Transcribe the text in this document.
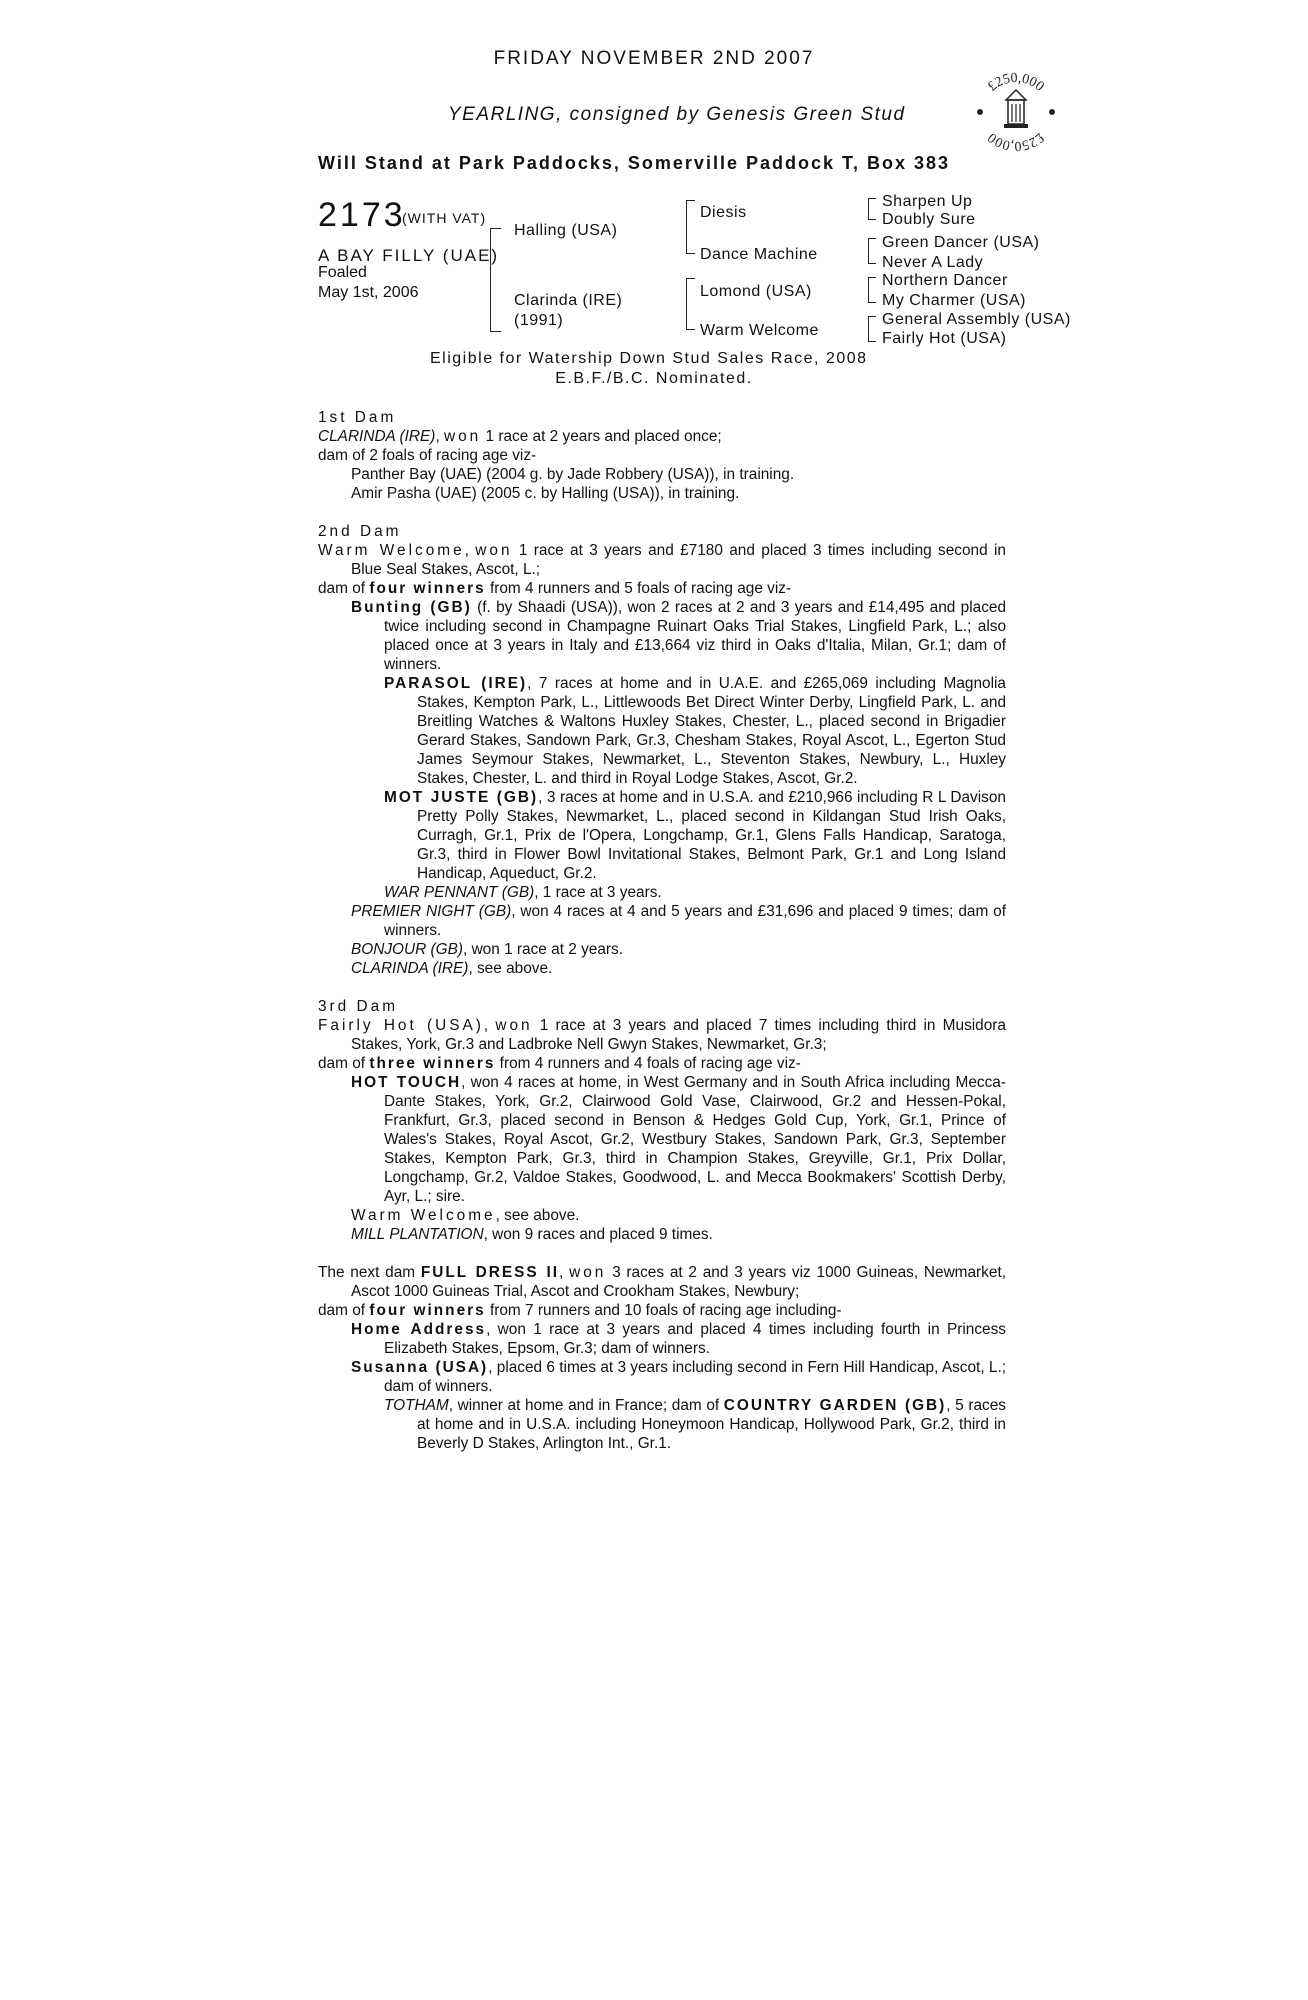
FRIDAY NOVEMBER 2ND 2007
YEARLING, consigned by Genesis Green Stud
Will Stand at Park Paddocks, Somerville Paddock T, Box 383
£250,000
£250,000
2173
(WITH VAT)
A BAY FILLY (UAE)
Foaled
May 1st, 2006
Halling (USA)
Clarinda (IRE)
(1991)
Diesis
Dance Machine
Lomond (USA)
Warm Welcome
Sharpen Up
Doubly Sure
Green Dancer (USA)
Never A Lady
Northern Dancer
My Charmer (USA)
General Assembly (USA)
Fairly Hot (USA)
Eligible for Watership Down Stud Sales Race, 2008
E.B.F./B.C. Nominated.

1st Dam

CLARINDA (IRE), won 1 race at 2 years and placed once;

dam of 2 foals of racing age viz-

Panther Bay (UAE) (2004 g. by Jade Robbery (USA)), in training.

Amir Pasha (UAE) (2005 c. by Halling (USA)), in training.

2nd Dam

Warm Welcome, won 1 race at 3 years and £7180 and placed 3 times including second in Blue Seal Stakes, Ascot, L.;

dam of four winners from 4 runners and 5 foals of racing age viz-

Bunting (GB) (f. by Shaadi (USA)), won 2 races at 2 and 3 years and £14,495 and placed twice including second in Champagne Ruinart Oaks Trial Stakes, Lingfield Park, L.; also placed once at 3 years in Italy and £13,664 viz third in Oaks d'Italia, Milan, Gr.1; dam of winners.

PARASOL (IRE), 7 races at home and in U.A.E. and £265,069 including Magnolia Stakes, Kempton Park, L., Littlewoods Bet Direct Winter Derby, Lingfield Park, L. and Breitling Watches & Waltons Huxley Stakes, Chester, L., placed second in Brigadier Gerard Stakes, Sandown Park, Gr.3, Chesham Stakes, Royal Ascot, L., Egerton Stud James Seymour Stakes, Newmarket, L., Steventon Stakes, Newbury, L., Huxley Stakes, Chester, L. and third in Royal Lodge Stakes, Ascot, Gr.2.

MOT JUSTE (GB), 3 races at home and in U.S.A. and £210,966 including R L Davison Pretty Polly Stakes, Newmarket, L., placed second in Kildangan Stud Irish Oaks, Curragh, Gr.1, Prix de l'Opera, Longchamp, Gr.1, Glens Falls Handicap, Saratoga, Gr.3, third in Flower Bowl Invitational Stakes, Belmont Park, Gr.1 and Long Island Handicap, Aqueduct, Gr.2.

WAR PENNANT (GB), 1 race at 3 years.

PREMIER NIGHT (GB), won 4 races at 4 and 5 years and £31,696 and placed 9 times; dam of winners.

BONJOUR (GB), won 1 race at 2 years.

CLARINDA (IRE), see above.

3rd Dam

Fairly Hot (USA), won 1 race at 3 years and placed 7 times including third in Musidora Stakes, York, Gr.3 and Ladbroke Nell Gwyn Stakes, Newmarket, Gr.3;

dam of three winners from 4 runners and 4 foals of racing age viz-

HOT TOUCH, won 4 races at home, in West Germany and in South Africa including Mecca-Dante Stakes, York, Gr.2, Clairwood Gold Vase, Clairwood, Gr.2 and Hessen-Pokal, Frankfurt, Gr.3, placed second in Benson & Hedges Gold Cup, York, Gr.1, Prince of Wales's Stakes, Royal Ascot, Gr.2, Westbury Stakes, Sandown Park, Gr.3, September Stakes, Kempton Park, Gr.3, third in Champion Stakes, Greyville, Gr.1, Prix Dollar, Longchamp, Gr.2, Valdoe Stakes, Goodwood, L. and Mecca Bookmakers' Scottish Derby, Ayr, L.; sire.

Warm Welcome, see above.

MILL PLANTATION, won 9 races and placed 9 times.

The next dam FULL DRESS II, won 3 races at 2 and 3 years viz 1000 Guineas, Newmarket, Ascot 1000 Guineas Trial, Ascot and Crookham Stakes, Newbury;

dam of four winners from 7 runners and 10 foals of racing age including-

Home Address, won 1 race at 3 years and placed 4 times including fourth in Princess Elizabeth Stakes, Epsom, Gr.3; dam of winners.

Susanna (USA), placed 6 times at 3 years including second in Fern Hill Handicap, Ascot, L.; dam of winners.

TOTHAM, winner at home and in France; dam of COUNTRY GARDEN (GB), 5 races at home and in U.S.A. including Honeymoon Handicap, Hollywood Park, Gr.2, third in Beverly D Stakes, Arlington Int., Gr.1.
